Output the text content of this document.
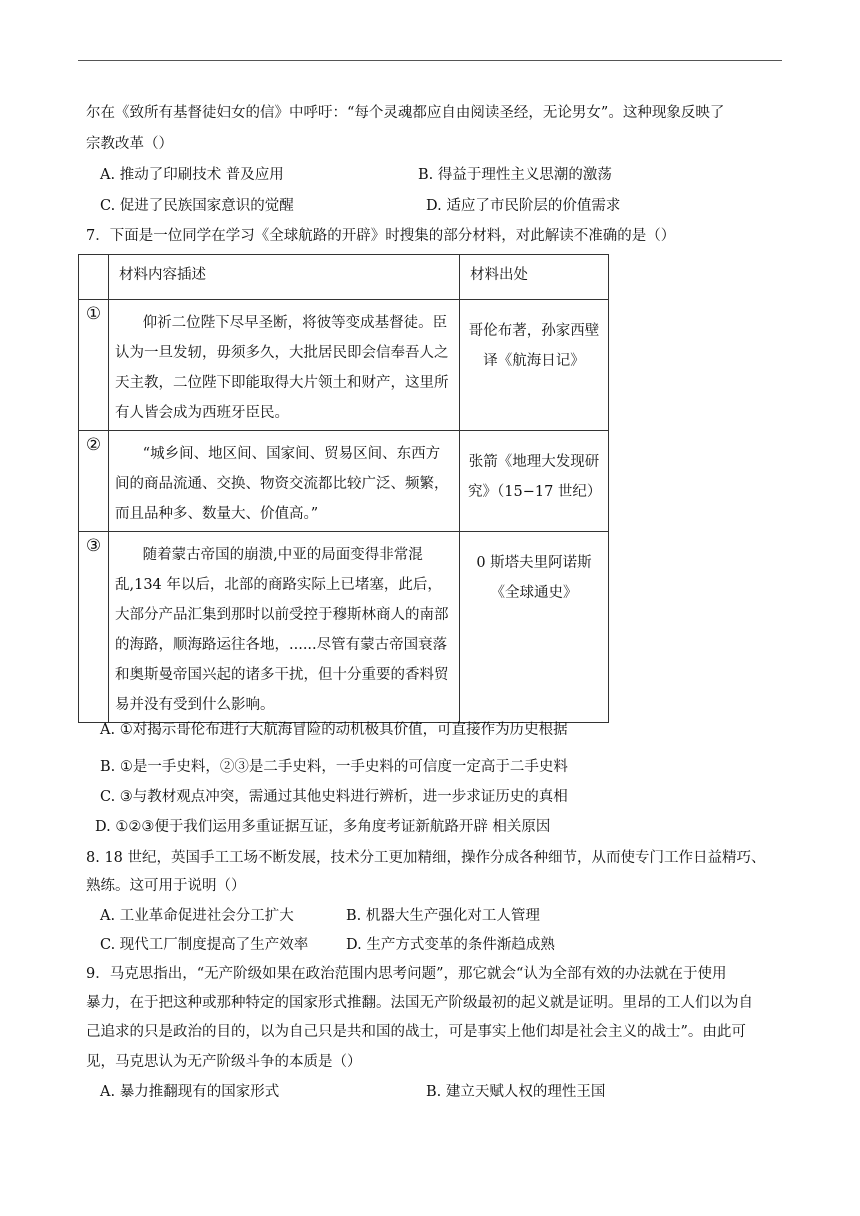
尔在《致所有基督徒妇女的信》中呼吁：“每个灵魂都应自由阅读圣经，无论男女”。这种现象反映了
宗教改革（）
A. 推动了印刷技术 普及应用	B. 得益于理性主义思潮的激荡
C. 促进了民族国家意识的觉醒	D. 适应了市民阶层的价值需求
7．下面是一位同学在学习《全球航路的开辟》时搜集的部分材料，对此解读不准确的是（）

	材料内容插述	材料出处

①	仰祈二位陛下尽早圣断，将彼等变成基督徒。臣认为一旦发轫，毋须多久，大批居民即会信奉吾人之天主教，二位陛下即能取得大片领土和财产，这里所有人皆会成为西班牙臣民。	哥伦布著，孙家西壁译《航海日记》

②	“城乡间、地区间、国家间、贸易区间、东西方间的商品流通、交换、物资交流都比较广泛、频繁，而且品种多、数量大、价值高。”	张箭《地理大发现研究》（15−17 世纪）

③	随着蒙古帝国的崩溃,中亚的局面变得非常混乱,134 年以后，北部的商路实际上已堵塞，此后，大部分产品汇集到那时以前受控于穆斯林商人的南部的海路，顺海路运往各地，......尽管有蒙古帝国衰落和奥斯曼帝国兴起的诸多干扰，但十分重要的香料贸易并没有受到什么影响。	0 斯塔夫里阿诺斯《全球通史》
A. ①对揭示哥伦布进行大航海冒险的动机极具价值，可直接作为历史根据
B. ①是一手史料，②③是二手史料，一手史料的可信度一定高于二手史料
C. ③与教材观点冲突，需通过其他史料进行辨析，进一步求证历史的真相
D. ①②③便于我们运用多重证据互证，多角度考证新航路开辟 相关原因
8. 18 世纪，英国手工工场不断发展，技术分工更加精细，操作分成各种细节，从而使专门工作日益精巧、
熟练。这可用于说明（）
A. 工业革命促进社会分工扩大	B. 机器大生产强化对工人管理
C. 现代工厂制度提高了生产效率	D. 生产方式变革的条件渐趋成熟
9．马克思指出，“无产阶级如果在政治范围内思考问题”，那它就会“认为全部有效的办法就在于使用
暴力，在于把这种或那种特定的国家形式推翻。法国无产阶级最初的起义就是证明。里昂的工人们以为自
己追求的只是政治的目的，以为自己只是共和国的战士，可是事实上他们却是社会主义的战士”。由此可
见，马克思认为无产阶级斗争的本质是（）
A. 暴力推翻现有的国家形式	B. 建立天赋人权的理性王国
